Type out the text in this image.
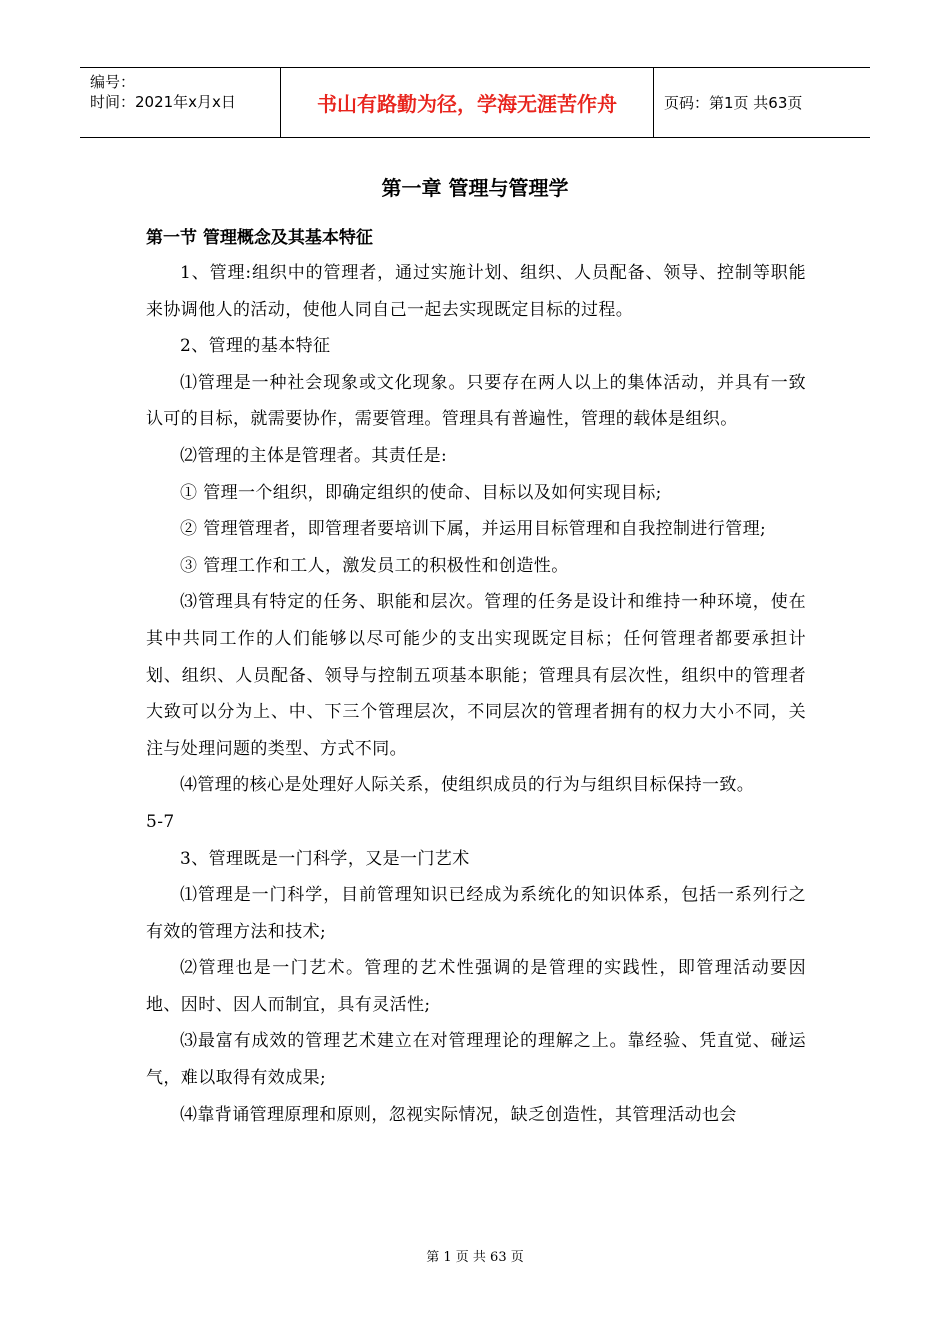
编号：
时间：2021年x月x日	书山有路勤为径，学海无涯苦作舟	页码：第1页 共63页
第一章 管理与管理学
第一节 管理概念及其基本特征

1、管理:组织中的管理者，通过实施计划、组织、人员配备、领导、控制等职能来协调他人的活动，使他人同自己一起去实现既定目标的过程。

2、管理的基本特征

⑴管理是一种社会现象或文化现象。只要存在两人以上的集体活动，并具有一致认可的目标，就需要协作，需要管理。管理具有普遍性，管理的载体是组织。

⑵管理的主体是管理者。其责任是:

① 管理一个组织，即确定组织的使命、目标以及如何实现目标;

② 管理管理者，即管理者要培训下属，并运用目标管理和自我控制进行管理;

③ 管理工作和工人，激发员工的积极性和创造性。

⑶管理具有特定的任务、职能和层次。管理的任务是设计和维持一种环境，使在其中共同工作的人们能够以尽可能少的支出实现既定目标；任何管理者都要承担计划、组织、人员配备、领导与控制五项基本职能；管理具有层次性，组织中的管理者大致可以分为上、中、下三个管理层次，不同层次的管理者拥有的权力大小不同，关注与处理问题的类型、方式不同。

⑷管理的核心是处理好人际关系，使组织成员的行为与组织目标保持一致。

5-7

3、管理既是一门科学，又是一门艺术

⑴管理是一门科学，目前管理知识已经成为系统化的知识体系，包括一系列行之有效的管理方法和技术;

⑵管理也是一门艺术。管理的艺术性强调的是管理的实践性，即管理活动要因地、因时、因人而制宜，具有灵活性;

⑶最富有成效的管理艺术建立在对管理理论的理解之上。靠经验、凭直觉、碰运气，难以取得有效成果;

⑷靠背诵管理原理和原则，忽视实际情况，缺乏创造性，其管理活动也会

第 1 页 共 63 页
